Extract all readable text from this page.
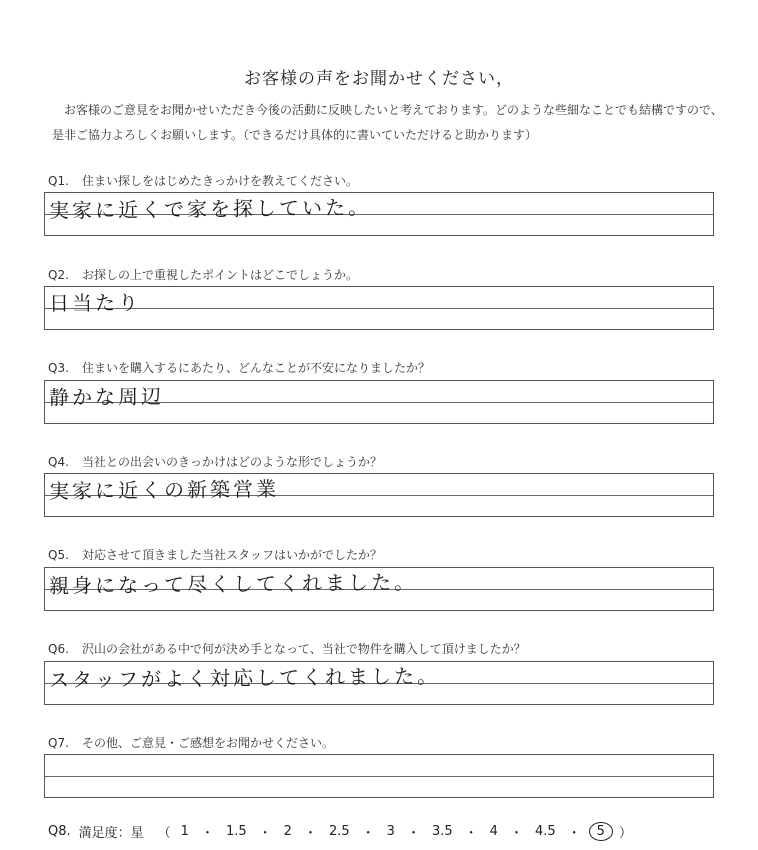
お客様の声をお聞かせください，
お客様のご意見をお聞かせいただき今後の活動に反映したいと考えております。どのような些細なことでも結構ですので、是非ご協力よろしくお願いします。（できるだけ具体的に書いていただけると助かります）
Q1. 住まい探しをはじめたきっかけを教えてください。
実家に近くで家を探していた。
Q2. お探しの上で重視したポイントはどこでしょうか。
日当たり
Q3. 住まいを購入するにあたり、どんなことが不安になりましたか？
静かな周辺
Q4. 当社との出会いのきっかけはどのような形でしょうか？
実家に近くの新築営業
Q5. 対応させて頂きました当社スタッフはいかがでしたか？
親身になって尽くしてくれました。
Q6. 沢山の会社がある中で何が決め手となって、当社で物件を購入して頂けましたか？
スタッフがよく対応してくれました。
Q7. その他、ご意見・ご感想をお聞かせください。
Q8. 満足度：星 （ 1 ・ 1.5 ・ 2 ・ 2.5 ・ 3 ・ 3.5 ・ 4 ・ 4.5 ・	5	）
